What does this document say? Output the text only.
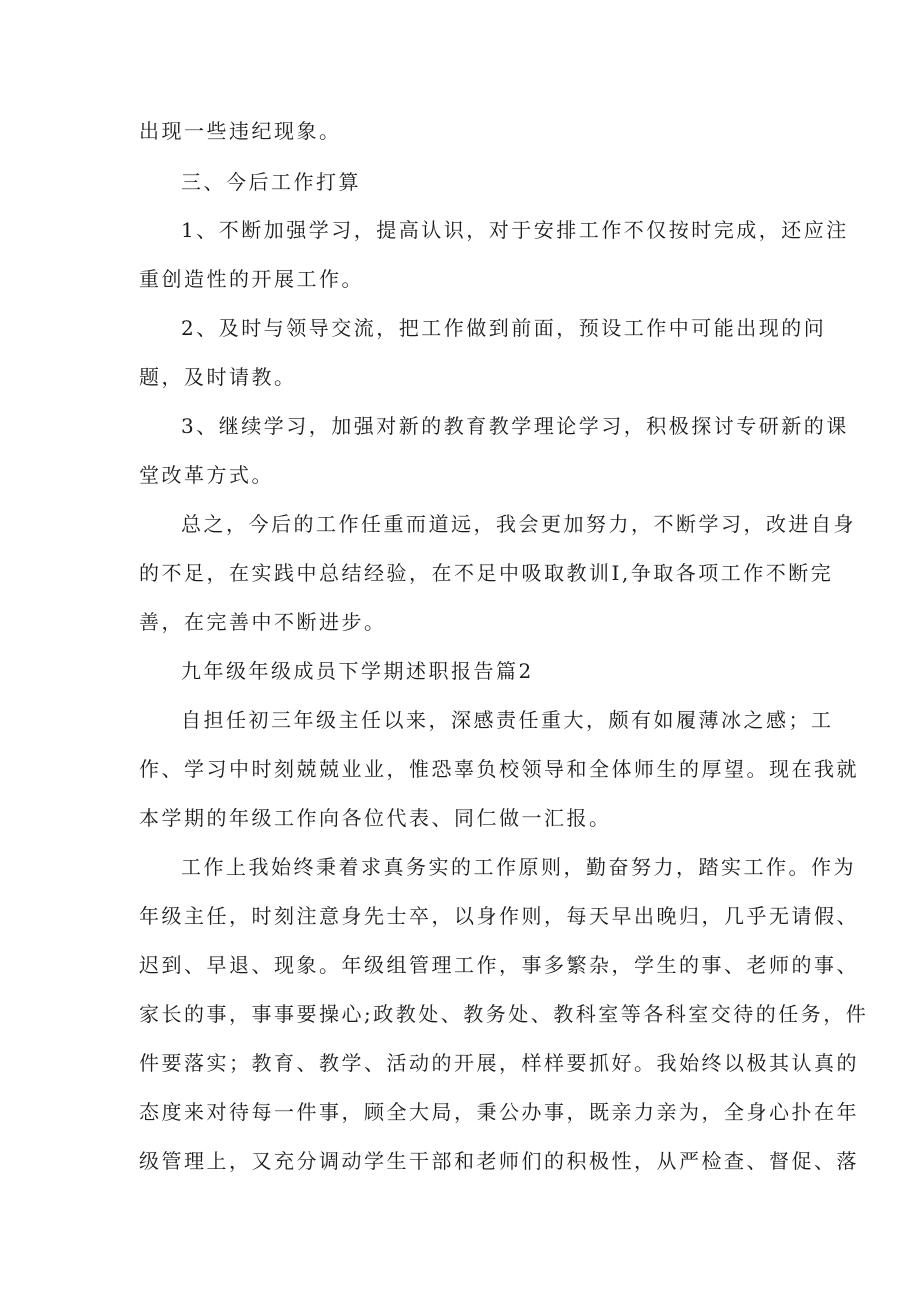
出现一些违纪现象。

三、今后工作打算

1、不断加强学习，提高认识，对于安排工作不仅按时完成，还应注

重创造性的开展工作。

2、及时与领导交流，把工作做到前面，预设工作中可能出现的问

题，及时请教。

3、继续学习，加强对新的教育教学理论学习，积极探讨专研新的课

堂改革方式。

总之，今后的工作任重而道远，我会更加努力，不断学习，改进自身

的不足，在实践中总结经验，在不足中吸取教训I,争取各项工作不断完

善，在完善中不断进步。

九年级年级成员下学期述职报告篇2

自担任初三年级主任以来，深感责任重大，颇有如履薄冰之感；工

作、学习中时刻兢兢业业，惟恐辜负校领导和全体师生的厚望。现在我就

本学期的年级工作向各位代表、同仁做一汇报。

工作上我始终秉着求真务实的工作原则，勤奋努力，踏实工作。作为

年级主任，时刻注意身先士卒，以身作则，每天早出晚归，几乎无请假、

迟到、早退、现象。年级组管理工作，事多繁杂，学生的事、老师的事、

家长的事，事事要操心;政教处、教务处、教科室等各科室交待的任务，件

件要落实；教育、教学、活动的开展，样样要抓好。我始终以极其认真的

态度来对待每一件事，顾全大局，秉公办事，既亲力亲为，全身心扑在年

级管理上，又充分调动学生干部和老师们的积极性，从严检查、督促、落
